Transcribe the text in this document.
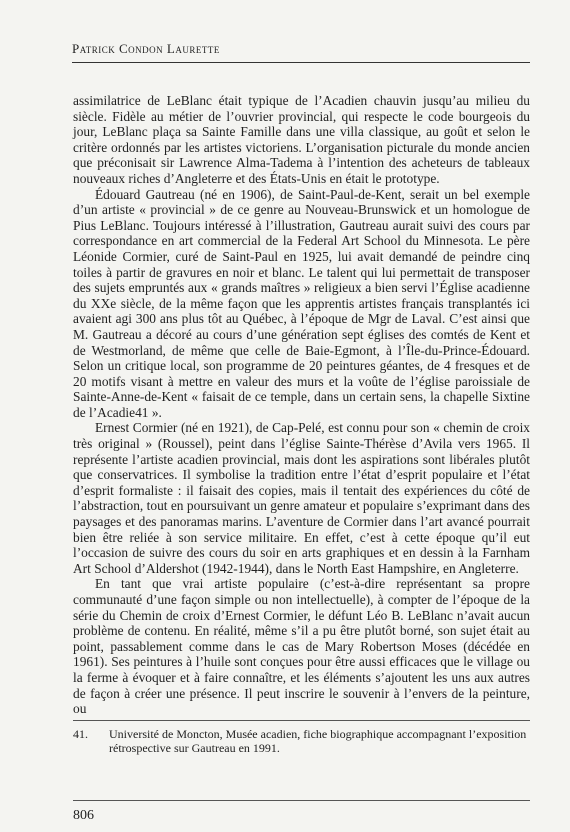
Patrick Condon Laurette

assimilatrice de LeBlanc était typique de l’Acadien chauvin jusqu’au milieu du siècle. Fidèle au métier de l’ouvrier provincial, qui respecte le code bourgeois du jour, LeBlanc plaça sa Sainte Famille dans une villa classique, au goût et selon le critère ordonnés par les artistes victoriens. L’organisation picturale du monde ancien que préconisait sir Lawrence Alma-Tadema à l’intention des acheteurs de tableaux nouveaux riches d’Angleterre et des États-Unis en était le prototype.

Édouard Gautreau (né en 1906), de Saint-Paul-de-Kent, serait un bel exemple d’un artiste « provincial » de ce genre au Nouveau-Brunswick et un homologue de Pius LeBlanc. Toujours intéressé à l’illustration, Gautreau aurait suivi des cours par correspondance en art commercial de la Federal Art School du Minnesota. Le père Léonide Cormier, curé de Saint-Paul en 1925, lui avait demandé de peindre cinq toiles à partir de gravures en noir et blanc. Le talent qui lui permettait de transposer des sujets empruntés aux « grands maîtres » religieux a bien servi l’Église acadienne du XXe siècle, de la même façon que les apprentis artistes français transplantés ici avaient agi 300 ans plus tôt au Québec, à l’époque de Mgr de Laval. C’est ainsi que M. Gautreau a décoré au cours d’une génération sept églises des comtés de Kent et de Westmorland, de même que celle de Baie-Egmont, à l’Île-du-Prince-Édouard. Selon un critique local, son programme de 20 peintures géantes, de 4 fresques et de 20 motifs visant à mettre en valeur des murs et la voûte de l’église paroissiale de Sainte-Anne-de-Kent « faisait de ce temple, dans un certain sens, la chapelle Sixtine de l’Acadie41 ».

Ernest Cormier (né en 1921), de Cap-Pelé, est connu pour son « chemin de croix très original » (Roussel), peint dans l’église Sainte-Thérèse d’Avila vers 1965. Il représente l’artiste acadien provincial, mais dont les aspirations sont libérales plutôt que conservatrices. Il symbolise la tradition entre l’état d’esprit populaire et l’état d’esprit formaliste : il faisait des copies, mais il tentait des expériences du côté de l’abstraction, tout en poursuivant un genre amateur et populaire s’exprimant dans des paysages et des panoramas marins. L’aventure de Cormier dans l’art avancé pourrait bien être reliée à son service militaire. En effet, c’est à cette époque qu’il eut l’occasion de suivre des cours du soir en arts graphiques et en dessin à la Farnham Art School d’Aldershot (1942-1944), dans le North East Hampshire, en Angleterre.

En tant que vrai artiste populaire (c’est-à-dire représentant sa propre communauté d’une façon simple ou non intellectuelle), à compter de l’époque de la série du Chemin de croix d’Ernest Cormier, le défunt Léo B. LeBlanc n’avait aucun problème de contenu. En réalité, même s’il a pu être plutôt borné, son sujet était au point, passablement comme dans le cas de Mary Robertson Moses (décédée en 1961). Ses peintures à l’huile sont conçues pour être aussi efficaces que le village ou la ferme à évoquer et à faire connaître, et les éléments s’ajoutent les uns aux autres de façon à créer une présence. Il peut inscrire le souvenir à l’envers de la peinture, ou

41.	Université de Moncton, Musée acadien, fiche biographique accompagnant l’exposition rétrospective sur Gautreau en 1991.
806
